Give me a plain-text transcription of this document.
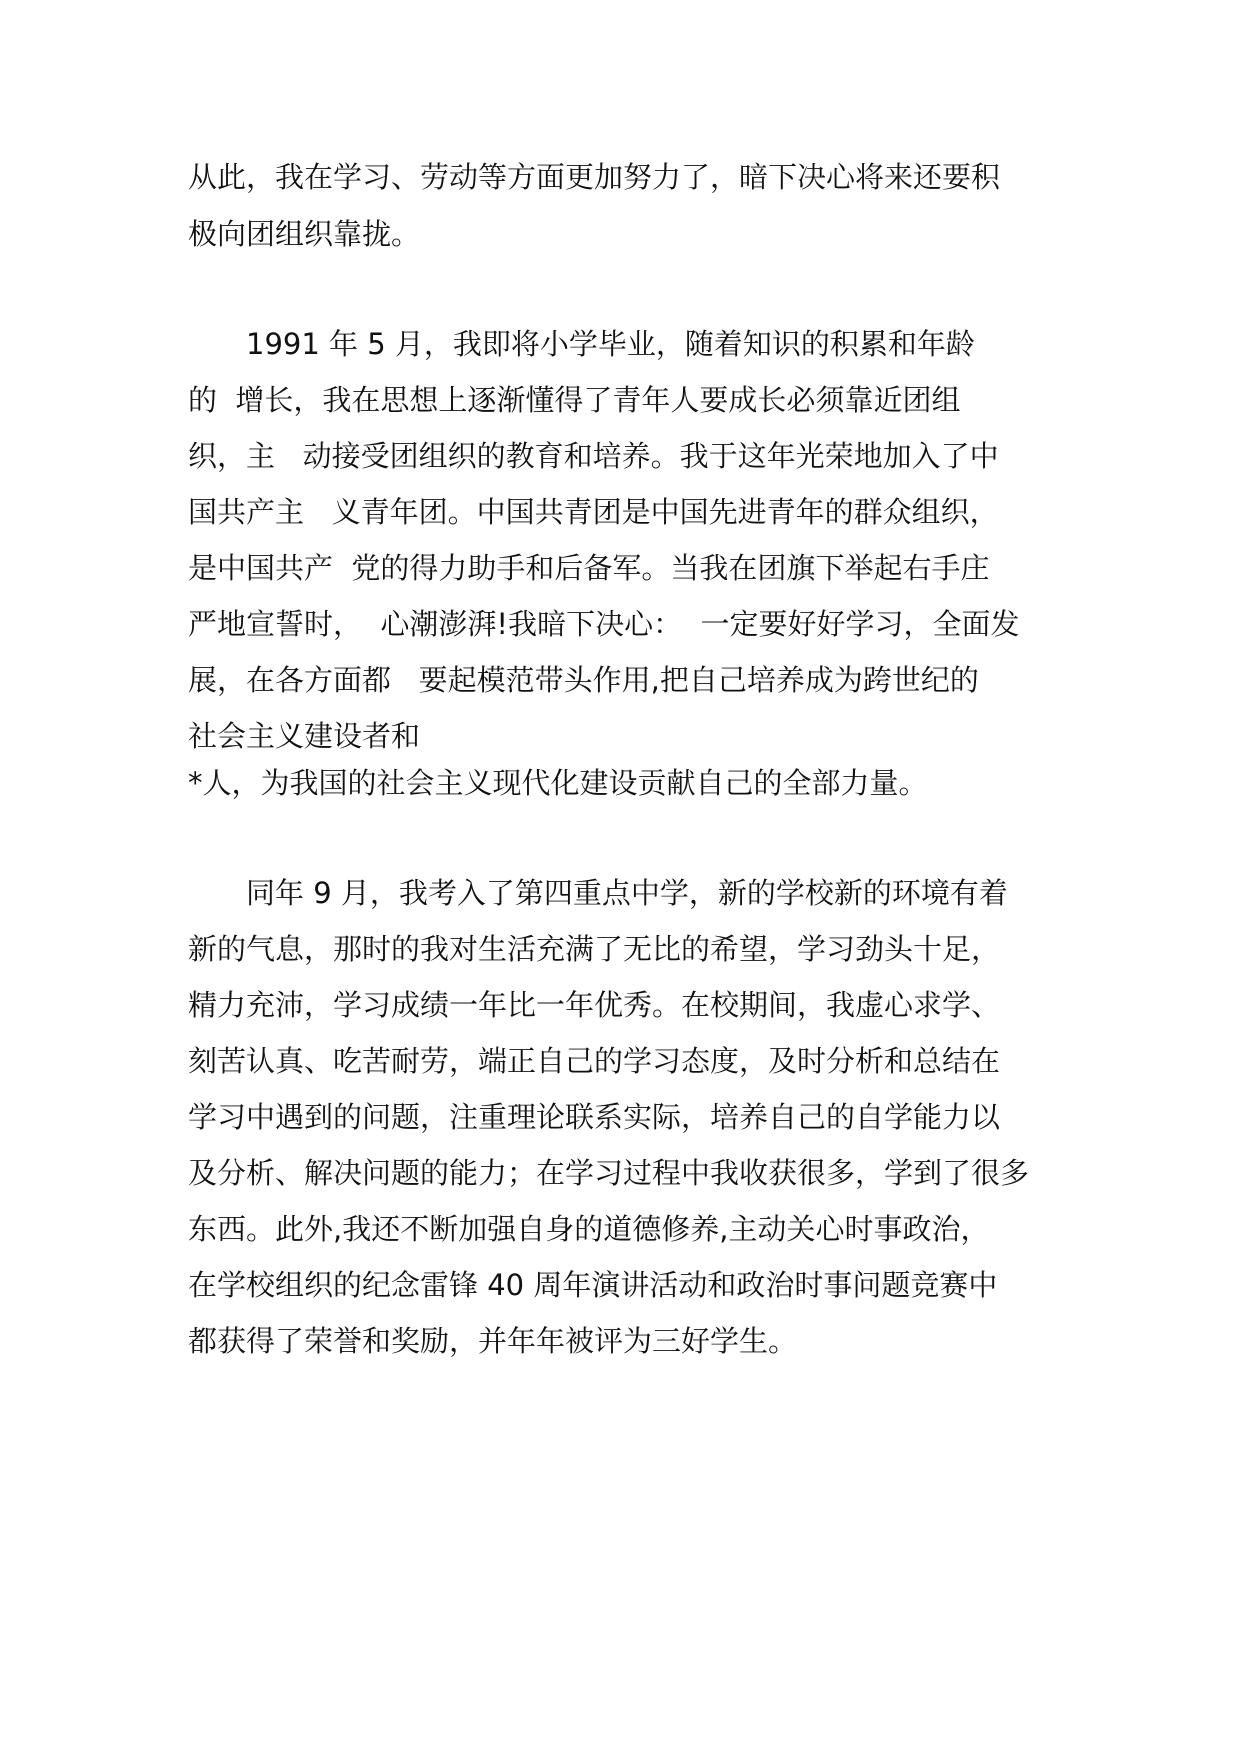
从此，我在学习、劳动等方面更加努力了，暗下决心将来还要积
极向团组织靠拢。
　　1991 年 5 月，我即将小学毕业，随着知识的积累和年龄
的  增长，我在思想上逐渐懂得了青年人要成长必须靠近团组
织，主   动接受团组织的教育和培养。我于这年光荣地加入了中
国共产主   义青年团。中国共青团是中国先进青年的群众组织，
是中国共产  党的得力助手和后备军。当我在团旗下举起右手庄
严地宣誓时，  心潮澎湃!我暗下决心：  一定要好好学习，全面发
展，在各方面都   要起模范带头作用,把自己培养成为跨世纪的
社会主义建设者和
*人，为我国的社会主义现代化建设贡献自己的全部力量。
　　同年 9 月，我考入了第四重点中学，新的学校新的环境有着
新的气息，那时的我对生活充满了无比的希望，学习劲头十足，
精力充沛，学习成绩一年比一年优秀。在校期间，我虚心求学、
刻苦认真、吃苦耐劳，端正自己的学习态度，及时分析和总结在
学习中遇到的问题，注重理论联系实际，培养自己的自学能力以
及分析、解决问题的能力；在学习过程中我收获很多，学到了很多
东西。此外,我还不断加强自身的道德修养,主动关心时事政治，
在学校组织的纪念雷锋 40 周年演讲活动和政治时事问题竞赛中
都获得了荣誉和奖励，并年年被评为三好学生。
